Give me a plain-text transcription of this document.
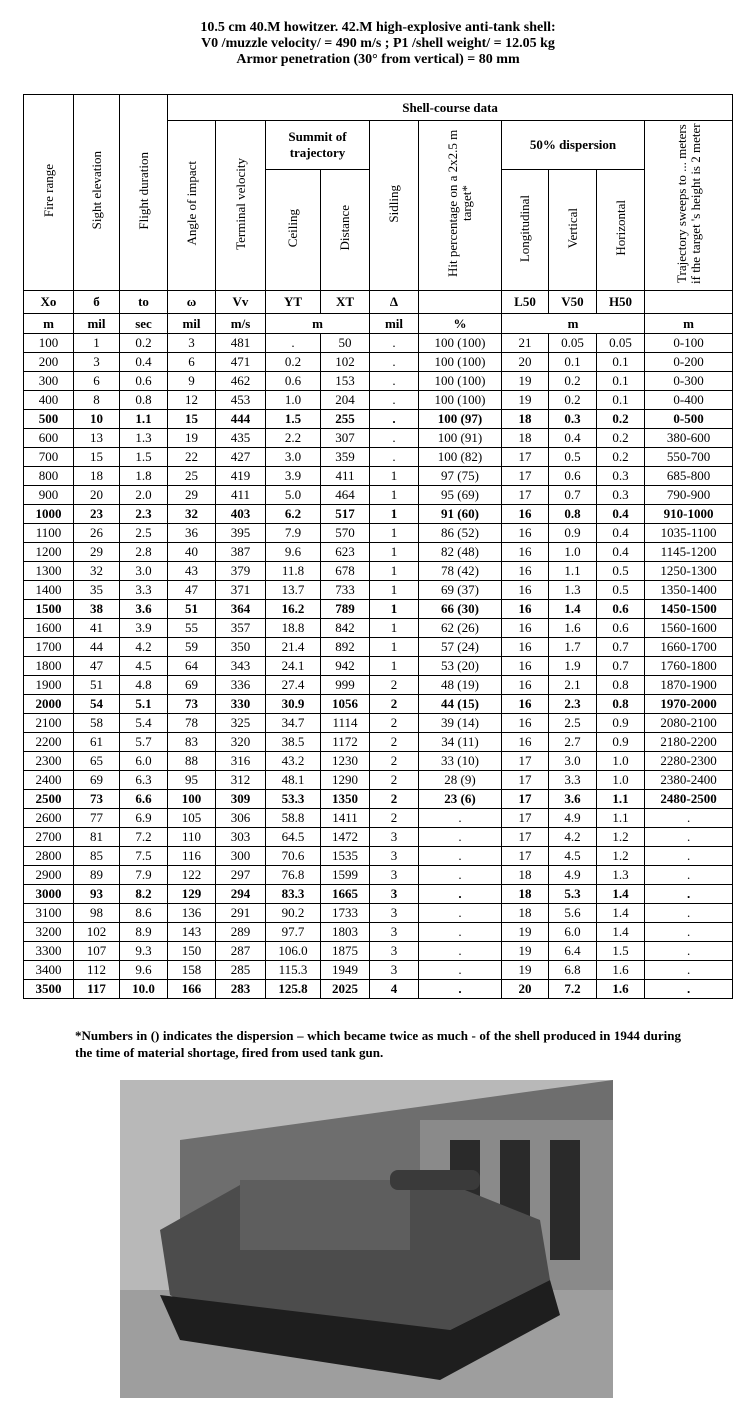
10.5 cm 40.M howitzer. 42.M high-explosive anti-tank shell:
V0 /muzzle velocity/ = 490 m/s ; P1 /shell weight/ = 12.05 kg
Armor penetration (30° from vertical) = 80 mm
Fire range	Sight elevation	Flight duration	Shell-course data									
			Angle of impact	Terminal velocity	Summit of trajectory		Sidling	Hit percentage on a 2x2.5 m target*	50% dispersion			Trajectory sweeps to ... meters if the target 's height is 2 meter
					Ceiling	Distance			Longitudinal	Vertical	Horizontal	
Xo	б	to	ω	Vv	YT	XT	Δ		L50	V50	H50	
m	mil	sec	mil	m/s	m		mil	%	m			m
100	1	0.2	3	481	.	50	.	100 (100)	21	0.05	0.05	0-100
200	3	0.4	6	471	0.2	102	.	100 (100)	20	0.1	0.1	0-200
300	6	0.6	9	462	0.6	153	.	100 (100)	19	0.2	0.1	0-300
400	8	0.8	12	453	1.0	204	.	100 (100)	19	0.2	0.1	0-400
500	10	1.1	15	444	1.5	255	.	100 (97)	18	0.3	0.2	0-500
600	13	1.3	19	435	2.2	307	.	100 (91)	18	0.4	0.2	380-600
700	15	1.5	22	427	3.0	359	.	100 (82)	17	0.5	0.2	550-700
800	18	1.8	25	419	3.9	411	1	97 (75)	17	0.6	0.3	685-800
900	20	2.0	29	411	5.0	464	1	95 (69)	17	0.7	0.3	790-900
1000	23	2.3	32	403	6.2	517	1	91 (60)	16	0.8	0.4	910-1000
1100	26	2.5	36	395	7.9	570	1	86 (52)	16	0.9	0.4	1035-1100
1200	29	2.8	40	387	9.6	623	1	82 (48)	16	1.0	0.4	1145-1200
1300	32	3.0	43	379	11.8	678	1	78 (42)	16	1.1	0.5	1250-1300
1400	35	3.3	47	371	13.7	733	1	69 (37)	16	1.3	0.5	1350-1400
1500	38	3.6	51	364	16.2	789	1	66 (30)	16	1.4	0.6	1450-1500
1600	41	3.9	55	357	18.8	842	1	62 (26)	16	1.6	0.6	1560-1600
1700	44	4.2	59	350	21.4	892	1	57 (24)	16	1.7	0.7	1660-1700
1800	47	4.5	64	343	24.1	942	1	53 (20)	16	1.9	0.7	1760-1800
1900	51	4.8	69	336	27.4	999	2	48 (19)	16	2.1	0.8	1870-1900
2000	54	5.1	73	330	30.9	1056	2	44 (15)	16	2.3	0.8	1970-2000
2100	58	5.4	78	325	34.7	1114	2	39 (14)	16	2.5	0.9	2080-2100
2200	61	5.7	83	320	38.5	1172	2	34 (11)	16	2.7	0.9	2180-2200
2300	65	6.0	88	316	43.2	1230	2	33 (10)	17	3.0	1.0	2280-2300
2400	69	6.3	95	312	48.1	1290	2	28 (9)	17	3.3	1.0	2380-2400
2500	73	6.6	100	309	53.3	1350	2	23 (6)	17	3.6	1.1	2480-2500
2600	77	6.9	105	306	58.8	1411	2	.	17	4.9	1.1	.
2700	81	7.2	110	303	64.5	1472	3	.	17	4.2	1.2	.
2800	85	7.5	116	300	70.6	1535	3	.	17	4.5	1.2	.
2900	89	7.9	122	297	76.8	1599	3	.	18	4.9	1.3	.
3000	93	8.2	129	294	83.3	1665	3	.	18	5.3	1.4	.
3100	98	8.6	136	291	90.2	1733	3	.	18	5.6	1.4	.
3200	102	8.9	143	289	97.7	1803	3	.	19	6.0	1.4	.
3300	107	9.3	150	287	106.0	1875	3	.	19	6.4	1.5	.
3400	112	9.6	158	285	115.3	1949	3	.	19	6.8	1.6	.
3500	117	10.0	166	283	125.8	2025	4	.	20	7.2	1.6	.
*Numbers in () indicates the dispersion – which became twice as much - of the shell produced in 1944 during the time of material shortage, fired from used tank gun.
